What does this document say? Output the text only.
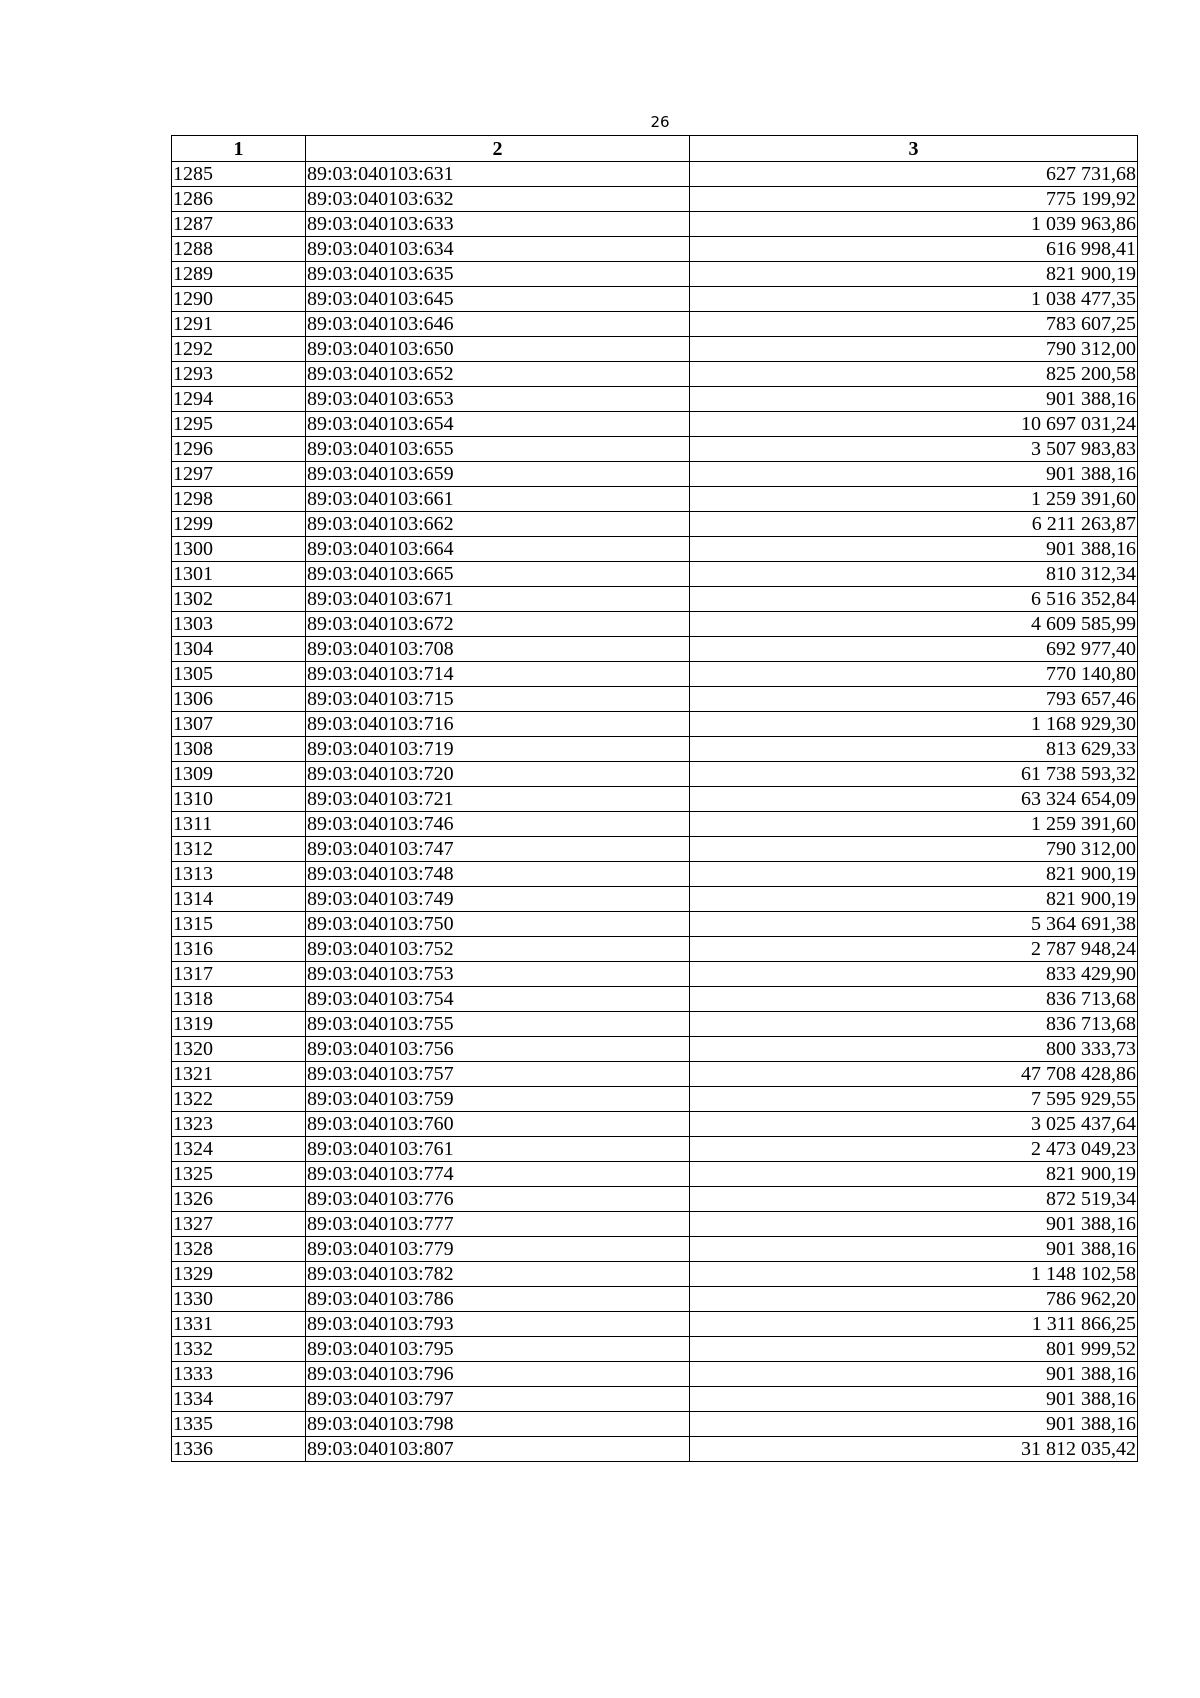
26
1	2	3
1285	89:03:040103:631	627 731,68
1286	89:03:040103:632	775 199,92
1287	89:03:040103:633	1 039 963,86
1288	89:03:040103:634	616 998,41
1289	89:03:040103:635	821 900,19
1290	89:03:040103:645	1 038 477,35
1291	89:03:040103:646	783 607,25
1292	89:03:040103:650	790 312,00
1293	89:03:040103:652	825 200,58
1294	89:03:040103:653	901 388,16
1295	89:03:040103:654	10 697 031,24
1296	89:03:040103:655	3 507 983,83
1297	89:03:040103:659	901 388,16
1298	89:03:040103:661	1 259 391,60
1299	89:03:040103:662	6 211 263,87
1300	89:03:040103:664	901 388,16
1301	89:03:040103:665	810 312,34
1302	89:03:040103:671	6 516 352,84
1303	89:03:040103:672	4 609 585,99
1304	89:03:040103:708	692 977,40
1305	89:03:040103:714	770 140,80
1306	89:03:040103:715	793 657,46
1307	89:03:040103:716	1 168 929,30
1308	89:03:040103:719	813 629,33
1309	89:03:040103:720	61 738 593,32
1310	89:03:040103:721	63 324 654,09
1311	89:03:040103:746	1 259 391,60
1312	89:03:040103:747	790 312,00
1313	89:03:040103:748	821 900,19
1314	89:03:040103:749	821 900,19
1315	89:03:040103:750	5 364 691,38
1316	89:03:040103:752	2 787 948,24
1317	89:03:040103:753	833 429,90
1318	89:03:040103:754	836 713,68
1319	89:03:040103:755	836 713,68
1320	89:03:040103:756	800 333,73
1321	89:03:040103:757	47 708 428,86
1322	89:03:040103:759	7 595 929,55
1323	89:03:040103:760	3 025 437,64
1324	89:03:040103:761	2 473 049,23
1325	89:03:040103:774	821 900,19
1326	89:03:040103:776	872 519,34
1327	89:03:040103:777	901 388,16
1328	89:03:040103:779	901 388,16
1329	89:03:040103:782	1 148 102,58
1330	89:03:040103:786	786 962,20
1331	89:03:040103:793	1 311 866,25
1332	89:03:040103:795	801 999,52
1333	89:03:040103:796	901 388,16
1334	89:03:040103:797	901 388,16
1335	89:03:040103:798	901 388,16
1336	89:03:040103:807	31 812 035,42
